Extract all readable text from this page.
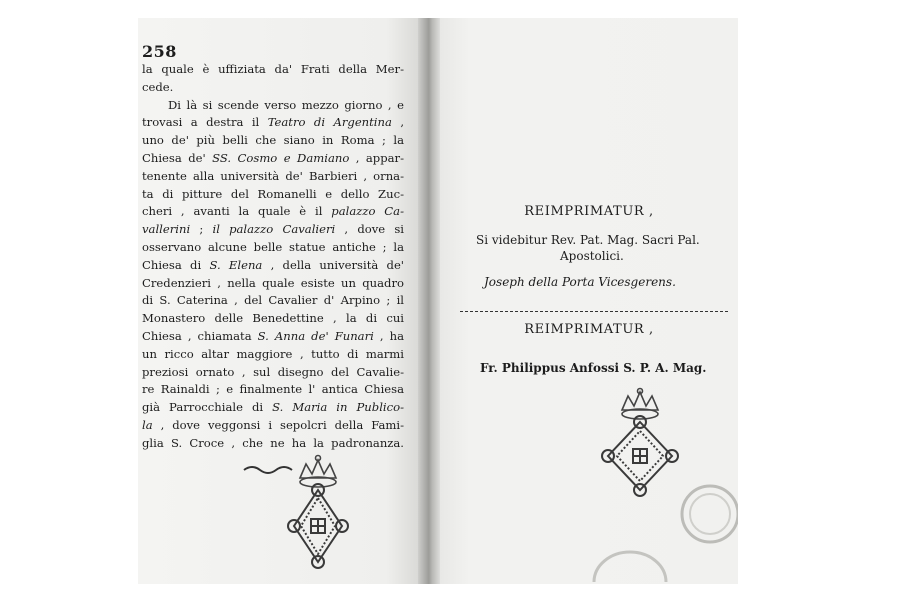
258
la quale è uffiziata da' Frati della Mer-
cede.
Di là si scende verso mezzo giorno , e
trovasi a destra il Teatro di Argentina ,
uno de' più belli che siano in Roma ; la
Chiesa de' SS. Cosmo e Damiano , appar-
tenente alla università de' Barbieri , orna-
ta di pitture del Romanelli e dello Zuc-
cheri , avanti la quale è il palazzo Ca-
vallerini ; il palazzo Cavalieri , dove si
osservano alcune belle statue antiche ; la
Chiesa di S. Elena , della università de'
Credenzieri , nella quale esiste un quadro
di S. Caterina , del Cavalier d' Arpino ; il
Monastero delle Benedettine , la di cui
Chiesa , chiamata S. Anna de' Funari , ha
un ricco altar maggiore , tutto di marmi
preziosi ornato , sul disegno del Cavalie-
re Rainaldi ; e finalmente l' antica Chiesa
già Parrocchiale di S. Maria in Publico-
la , dove veggonsi i sepolcri della Fami-
glia S. Croce , che ne ha la padronanza.
REIMPRIMATUR ,
Si videbitur Rev. Pat. Mag. Sacri Pal.
Apostolici.
Joseph della Porta Vicesgerens.
REIMPRIMATUR ,
Fr. Philippus Anfossi S. P. A. Mag.
